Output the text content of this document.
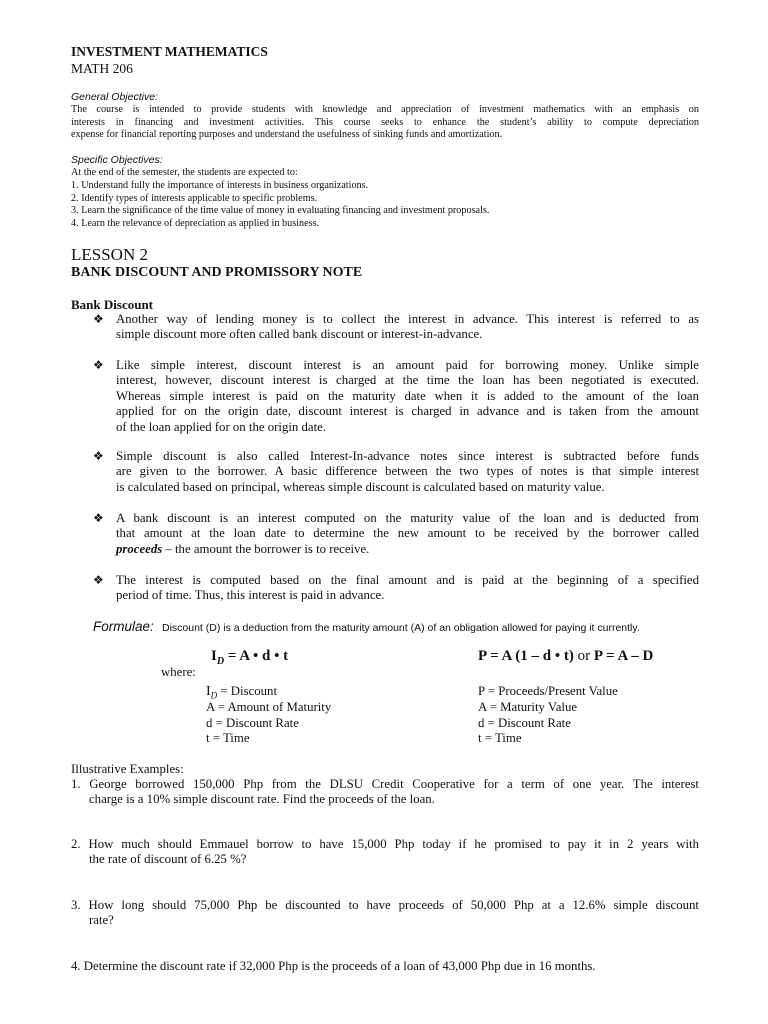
INVESTMENT MATHEMATICS
MATH 206
General Objective:
The course is intended to provide students with knowledge and appreciation of investment mathematics with an emphasis on
interests in financing and investment activities. This course seeks to enhance the student’s ability to compute depreciation
expense for financial reporting purposes and understand the usefulness of sinking funds and amortization.
Specific Objectives:
At the end of the semester, the students are expected to:
1. Understand fully the importance of interests in business organizations.
2. Identify types of interests applicable to specific problems.
3. Learn the significance of the time value of money in evaluating financing and investment proposals.
4. Learn the relevance of depreciation as applied in business.
LESSON 2
BANK DISCOUNT AND PROMISSORY NOTE
Bank Discount
❖ Another way of lending money is to collect the interest in advance. This interest is referred to as
simple discount more often called bank discount or interest-in-advance.
❖ Like simple interest, discount interest is an amount paid for borrowing money. Unlike simple
interest, however, discount interest is charged at the time the loan has been negotiated is executed.
Whereas simple interest is paid on the maturity date when it is added to the amount of the loan
applied for on the origin date, discount interest is charged in advance and is taken from the amount
of the loan applied for on the origin date.
❖ Simple discount is also called Interest-In-advance notes since interest is subtracted before funds
are given to the borrower. A basic difference between the two types of notes is that simple interest
is calculated based on principal, whereas simple discount is calculated based on maturity value.
❖ A bank discount is an interest computed on the maturity value of the loan and is deducted from
that amount at the loan date to determine the new amount to be received by the borrower called
proceeds – the amount the borrower is to receive.
❖ The interest is computed based on the final amount and is paid at the beginning of a specified
period of time. Thus, this interest is paid in advance.
Formulae: Discount (D) is a deduction from the maturity amount (A) of an obligation allowed for paying it currently.
$I_D = A$ • d • t	P = A (1 – d • t) or P = A – D
where:
$I_D$ = Discount
A = Amount of Maturity
d = Discount Rate
t = Time
P = Proceeds/Present Value
A = Maturity Value
d = Discount Rate
t = Time
Illustrative Examples:
1. George borrowed 150,000 Php from the DLSU Credit Cooperative for a term of one year. The interest
charge is a 10% simple discount rate. Find the proceeds of the loan.
2. How much should Emmauel borrow to have 15,000 Php today if he promised to pay it in 2 years with
the rate of discount of 6.25 %?
3. How long should 75,000 Php be discounted to have proceeds of 50,000 Php at a 12.6% simple discount
rate?
4. Determine the discount rate if 32,000 Php is the proceeds of a loan of 43,000 Php due in 16 months.
